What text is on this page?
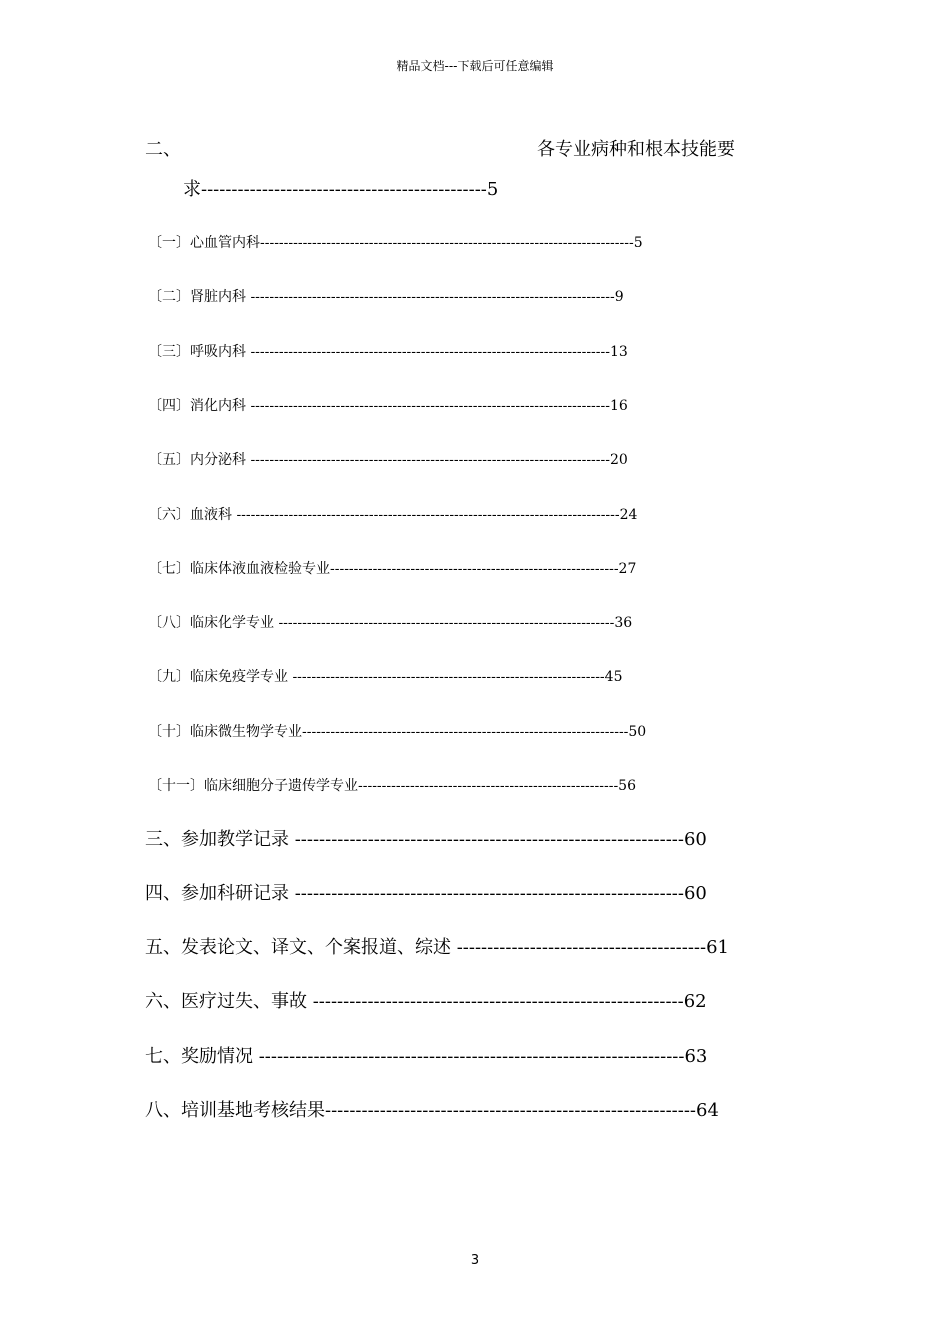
精品文档---下载后可任意编辑
二、	各专业病种和根本技能要
求-----------------------------------------------5
〔一〕心血管内科-------------------------------------------------------------------------------5
〔二〕肾脏内科 -----------------------------------------------------------------------------9
〔三〕呼吸内科 ----------------------------------------------------------------------------13
〔四〕消化内科 ----------------------------------------------------------------------------16
〔五〕内分泌科 ----------------------------------------------------------------------------20
〔六〕血液科 ---------------------------------------------------------------------------------24
〔七〕临床体液血液检验专业-------------------------------------------------------------27
〔八〕临床化学专业 -----------------------------------------------------------------------36
〔九〕临床免疫学专业 ------------------------------------------------------------------45
〔十〕临床微生物学专业---------------------------------------------------------------------50
〔十一〕临床细胞分子遗传学专业-------------------------------------------------------56
三、参加教学记录 ----------------------------------------------------------------60
四、参加科研记录 ----------------------------------------------------------------60
五、发表论文、译文、个案报道、综述 -----------------------------------------61
六、医疗过失、事故 -------------------------------------------------------------62
七、奖励情况 ----------------------------------------------------------------------63
八、培训基地考核结果-------------------------------------------------------------64
3
